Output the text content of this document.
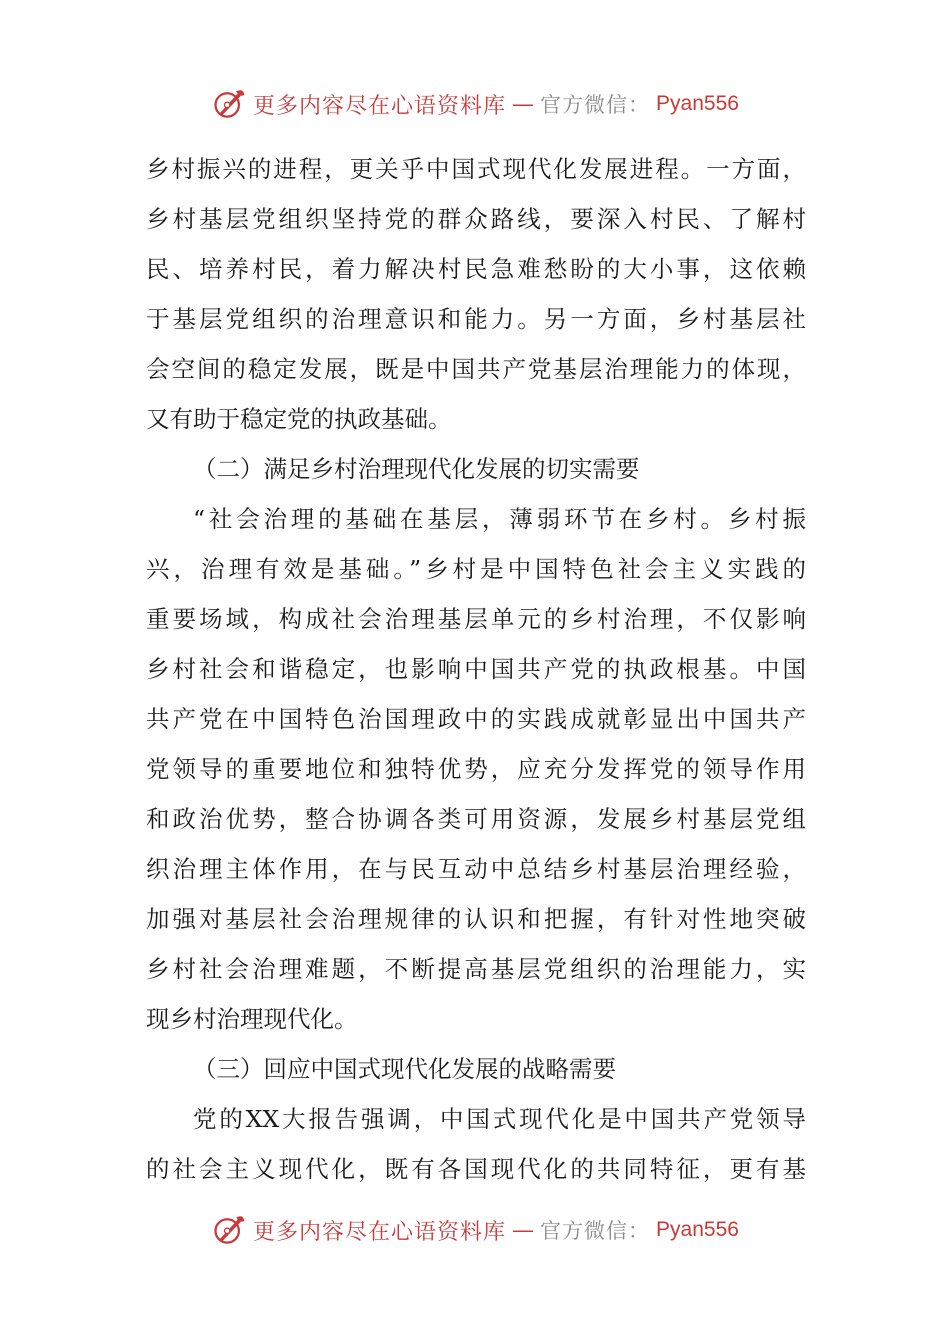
更多内容尽在心语资料库 — 官方微信： Pyan556
乡村振兴的进程，更关乎中国式现代化发展进程。一方面，
乡村基层党组织坚持党的群众路线，要深入村民、了解村
民、培养村民，着力解决村民急难愁盼的大小事，这依赖
于基层党组织的治理意识和能力。另一方面，乡村基层社
会空间的稳定发展，既是中国共产党基层治理能力的体现，
又有助于稳定党的执政基础。
（二）满足乡村治理现代化发展的切实需要
“社会治理的基础在基层，薄弱环节在乡村。乡村振
兴，治理有效是基础。”乡村是中国特色社会主义实践的
重要场域，构成社会治理基层单元的乡村治理，不仅影响
乡村社会和谐稳定，也影响中国共产党的执政根基。中国
共产党在中国特色治国理政中的实践成就彰显出中国共产
党领导的重要地位和独特优势，应充分发挥党的领导作用
和政治优势，整合协调各类可用资源，发展乡村基层党组
织治理主体作用，在与民互动中总结乡村基层治理经验，
加强对基层社会治理规律的认识和把握，有针对性地突破
乡村社会治理难题，不断提高基层党组织的治理能力，实
现乡村治理现代化。
（三）回应中国式现代化发展的战略需要
党的XX大报告强调，中国式现代化是中国共产党领导
的社会主义现代化，既有各国现代化的共同特征，更有基
更多内容尽在心语资料库 — 官方微信： Pyan556
